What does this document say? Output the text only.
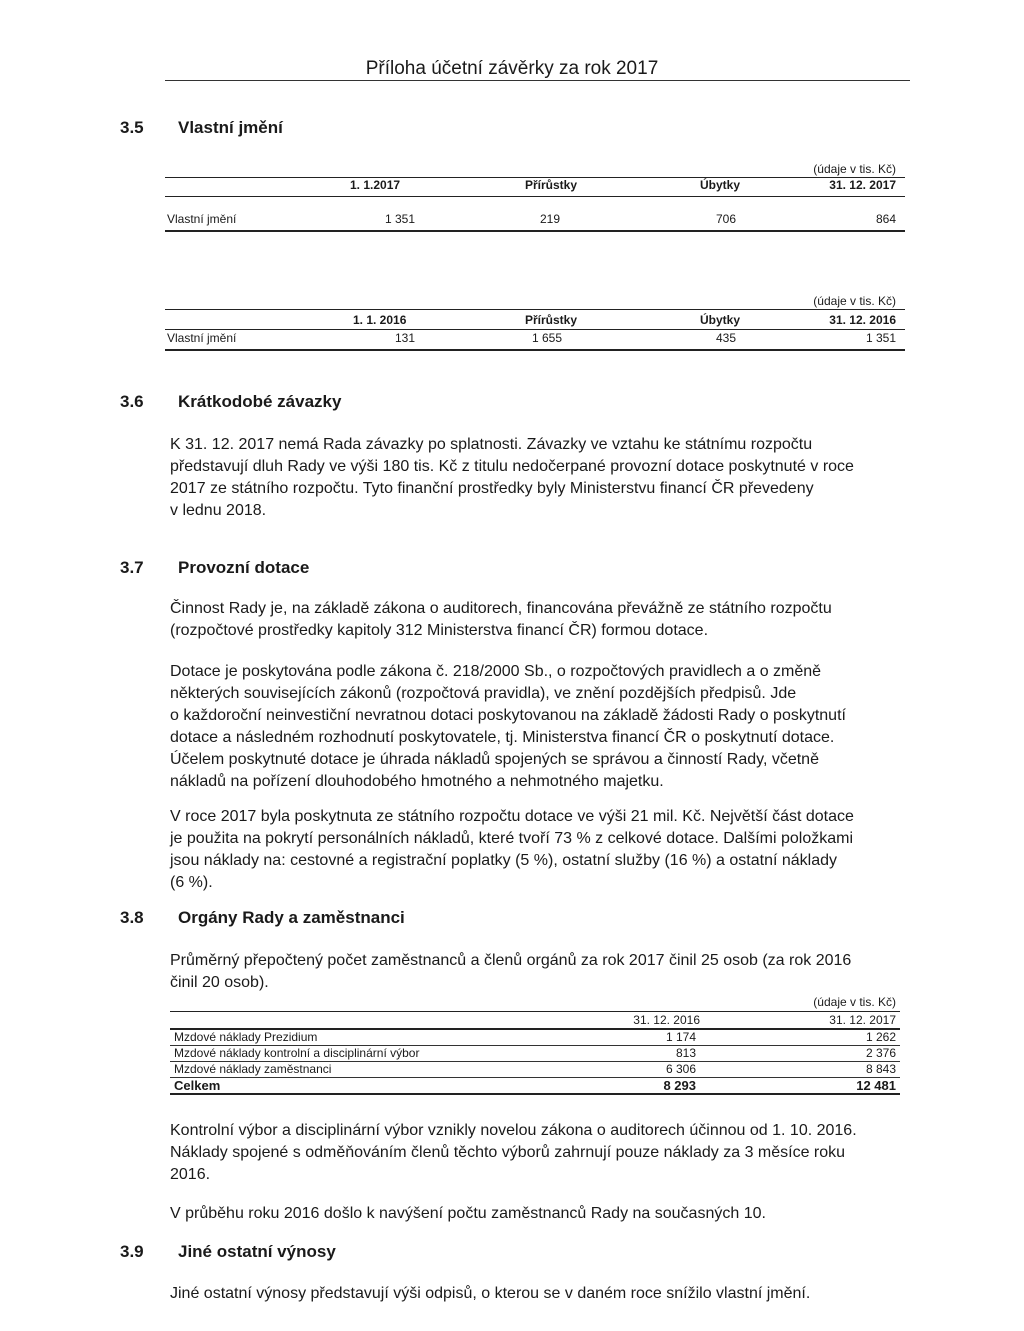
Příloha účetní závěrky za rok 2017
3.5 Vlastní jmění
(údaje v tis. Kč)
1. 1.2017	Přírůstky	Úbytky	31. 12. 2017
Vlastní jmění	1 351	219	706	864
(údaje v tis. Kč)
1. 1. 2016	Přírůstky	Úbytky	31. 12. 2016
Vlastní jmění	131	1 655	435	1 351
3.6 Krátkodobé závazky
K 31. 12. 2017 nemá Rada závazky po splatnosti. Závazky ve vztahu ke státnímu rozpočtu
představují dluh Rady ve výši 180 tis. Kč z titulu nedočerpané provozní dotace poskytnuté v roce
2017 ze státního rozpočtu. Tyto finanční prostředky byly Ministerstvu financí ČR převedeny
v lednu 2018.
3.7 Provozní dotace
Činnost Rady je, na základě zákona o auditorech, financována převážně ze státního rozpočtu
(rozpočtové prostředky kapitoly 312 Ministerstva financí ČR) formou dotace.
Dotace je poskytována podle zákona č. 218/2000 Sb., o rozpočtových pravidlech a o změně
některých souvisejících zákonů (rozpočtová pravidla), ve znění pozdějších předpisů. Jde
o každoroční neinvestiční nevratnou dotaci poskytovanou na základě žádosti Rady o poskytnutí
dotace a následném rozhodnutí poskytovatele, tj. Ministerstva financí ČR o poskytnutí dotace.
Účelem poskytnuté dotace je úhrada nákladů spojených se správou a činností Rady, včetně
nákladů na pořízení dlouhodobého hmotného a nehmotného majetku.
V roce 2017 byla poskytnuta ze státního rozpočtu dotace ve výši 21 mil. Kč. Největší část dotace
je použita na pokrytí personálních nákladů, které tvoří 73 % z celkové dotace. Dalšími položkami
jsou náklady na: cestovné a registrační poplatky (5 %), ostatní služby (16 %) a ostatní náklady
(6 %).
3.8 Orgány Rady a zaměstnanci
Průměrný přepočtený počet zaměstnanců a členů orgánů za rok 2017 činil 25 osob (za rok 2016
činil 20 osob).
(údaje v tis. Kč)
31. 12. 2016	31. 12. 2017
Mzdové náklady Prezidium	1 174	1 262
Mzdové náklady kontrolní a disciplinární výbor	813	2 376
Mzdové náklady zaměstnanci	6 306	8 843
Celkem	8 293	12 481
Kontrolní výbor a disciplinární výbor vznikly novelou zákona o auditorech účinnou od 1. 10. 2016.
Náklady spojené s odměňováním členů těchto výborů zahrnují pouze náklady za 3 měsíce roku
2016.
V průběhu roku 2016 došlo k navýšení počtu zaměstnanců Rady na současných 10.
3.9 Jiné ostatní výnosy
Jiné ostatní výnosy představují výši odpisů, o kterou se v daném roce snížilo vlastní jmění.
